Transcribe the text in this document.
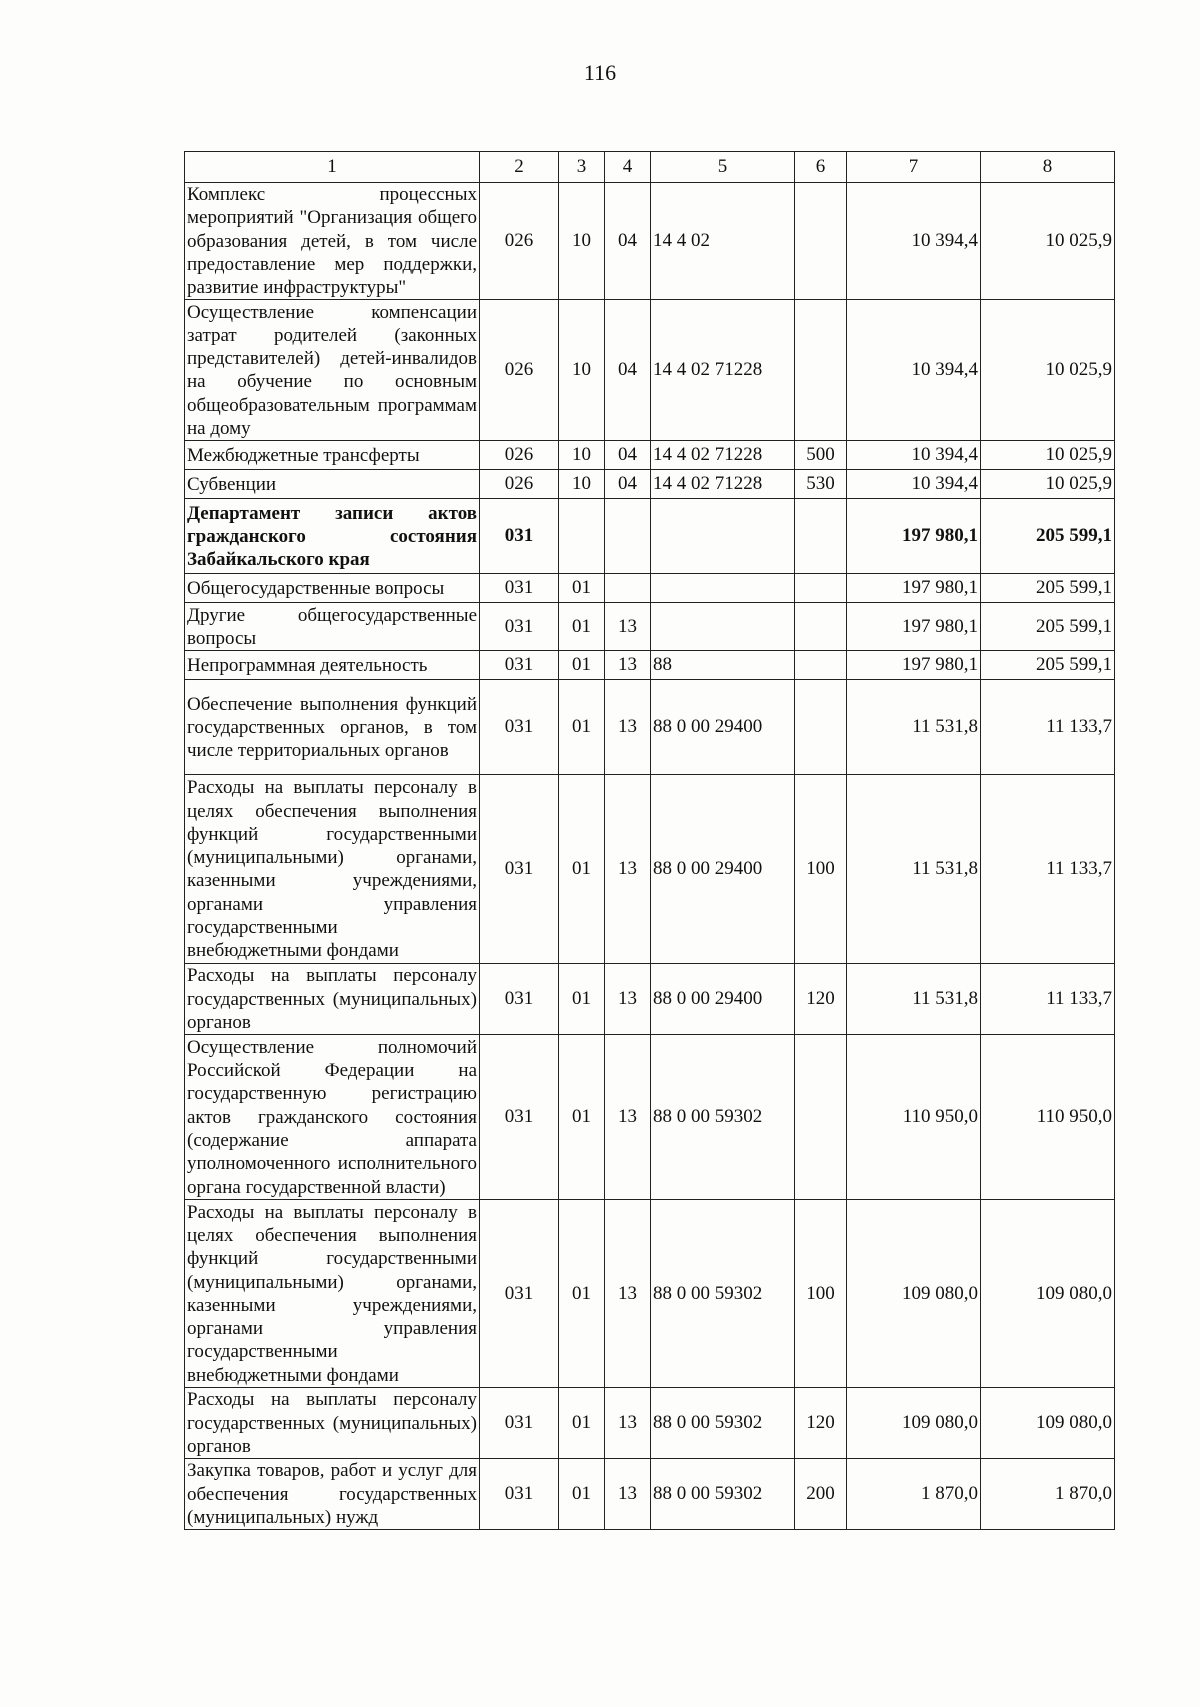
116
1	2	3	4	5	6	7	8
Комплекс процессных мероприятий "Организация общего образования детей, в том числе предоставление мер поддержки, развитие инфраструктуры"	026	10	04	14 4 02		10 394,4	10 025,9
Осуществление компенсации затрат родителей (законных представителей) детей-инвалидов на обучение по основным общеобразовательным программам на дому	026	10	04	14 4 02 71228		10 394,4	10 025,9
Межбюджетные трансферты	026	10	04	14 4 02 71228	500	10 394,4	10 025,9
Субвенции	026	10	04	14 4 02 71228	530	10 394,4	10 025,9
Департамент записи актов гражданского состояния Забайкальского края	031					197 980,1	205 599,1
Общегосударственные вопросы	031	01				197 980,1	205 599,1
Другие общегосударственные вопросы	031	01	13			197 980,1	205 599,1
Непрограммная деятельность	031	01	13	88		197 980,1	205 599,1
Обеспечение выполнения функций государственных органов, в том числе территориальных органов	031	01	13	88 0 00 29400		11 531,8	11 133,7
Расходы на выплаты персоналу в целях обеспечения выполнения функций государственными (муниципальными) органами, казенными учреждениями, органами управления государственными внебюджетными фондами	031	01	13	88 0 00 29400	100	11 531,8	11 133,7
Расходы на выплаты персоналу государственных (муниципальных) органов	031	01	13	88 0 00 29400	120	11 531,8	11 133,7
Осуществление полномочий Российской Федерации на государственную регистрацию актов гражданского состояния (содержание аппарата уполномоченного исполнительного органа государственной власти)	031	01	13	88 0 00 59302		110 950,0	110 950,0
Расходы на выплаты персоналу в целях обеспечения выполнения функций государственными (муниципальными) органами, казенными учреждениями, органами управления государственными внебюджетными фондами	031	01	13	88 0 00 59302	100	109 080,0	109 080,0
Расходы на выплаты персоналу государственных (муниципальных) органов	031	01	13	88 0 00 59302	120	109 080,0	109 080,0
Закупка товаров, работ и услуг для обеспечения государственных (муниципальных) нужд	031	01	13	88 0 00 59302	200	1 870,0	1 870,0
